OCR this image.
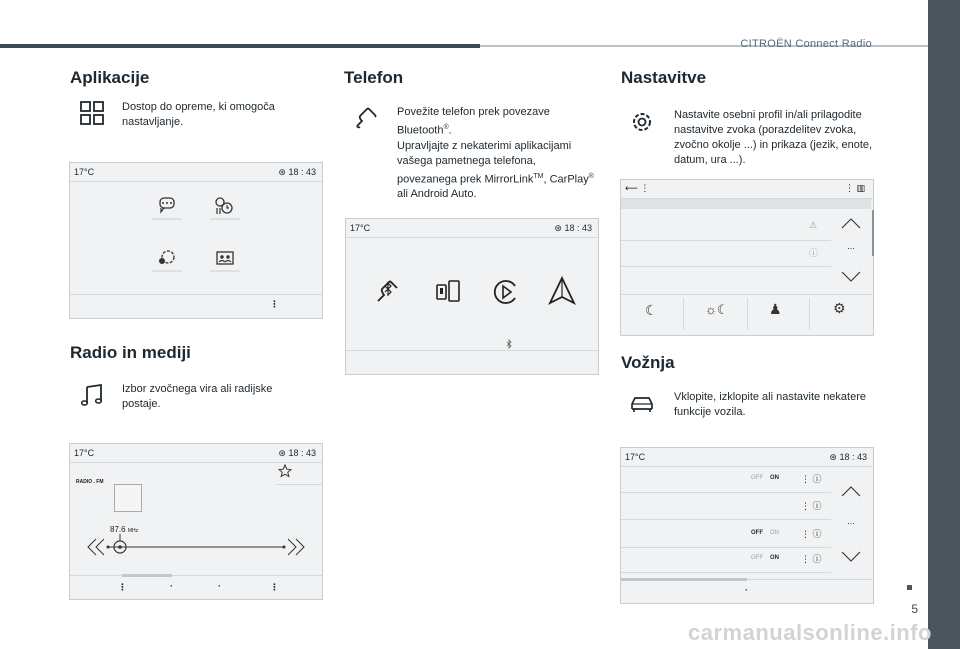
CITROËN Connect Radio
5
carmanualsonline.info
Aplikacije
Dostop do opreme, ki omogoča nastavljanje.
17°C	⊛ 18 : 43
⋮
Radio in mediji
Izbor zvočnega vira ali radijske postaje.
17°C	⊛ 18 : 43
RADIO . FM
87.6 MHz
⋮	·	·	⋮
Telefon
Povežite telefon prek povezave Bluetooth®.
Upravljajte z nekaterimi aplikacijami vašega pametnega telefona, povezanega prek MirrorLink™, CarPlay® ali Android Auto.
17°C	⊛ 18 : 43
Nastavitve
Nastavite osebni profil in/ali prilagodite nastavitve zvoka (porazdelitev zvoka, zvočno okolje ...) in prikaza (jezik, enote, datum, ura ...).
⟵ ⋮	⋮ ▥
⚠
ⓘ
...
☾	☼☾	♟	⚙
Vožnja
Vklopite, izklopite ali nastavite nekatere funkcije vozila.
17°C	⊛ 18 : 43
OFF ON ⋮ ⓘ
⋮ ⓘ
OFF ON ⋮ ⓘ
OFF ON ⋮ ⓘ
...
·
